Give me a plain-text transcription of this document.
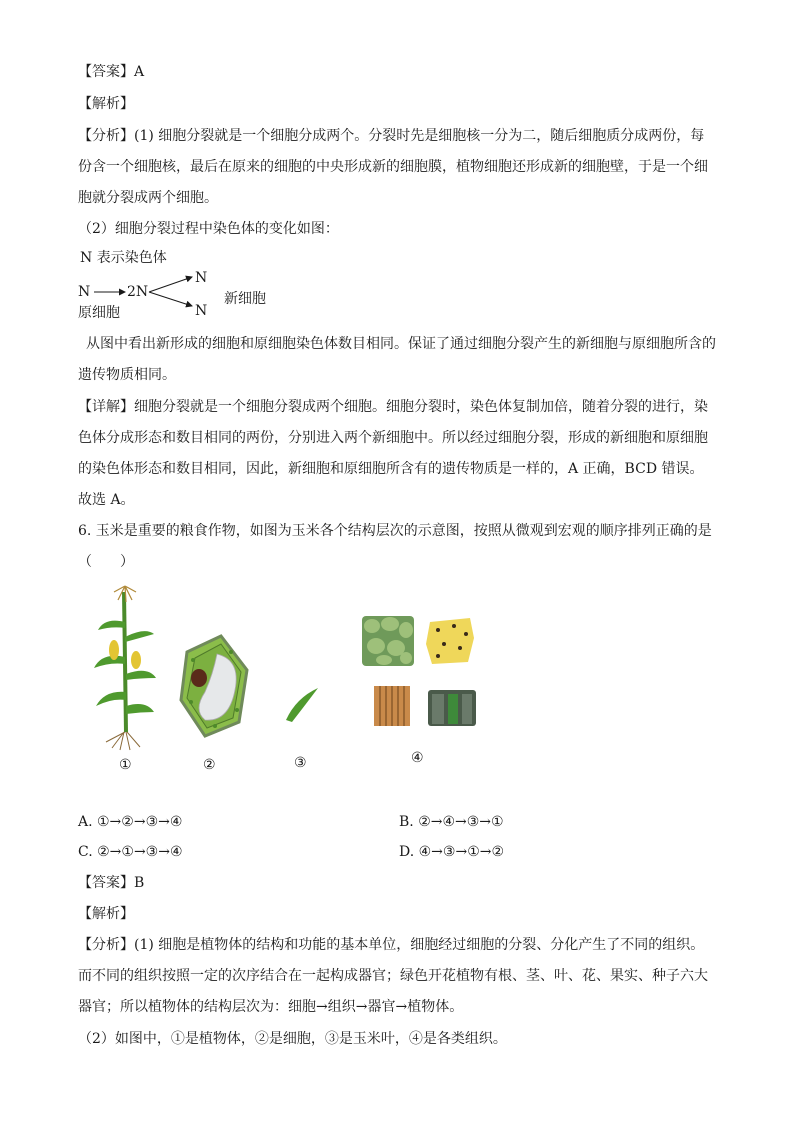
【答案】A
【解析】
【分析】(1) 细胞分裂就是一个细胞分成两个。分裂时先是细胞核一分为二，随后细胞质分成两份，每
份含一个细胞核，最后在原来的细胞的中央形成新的细胞膜，植物细胞还形成新的细胞壁，于是一个细
胞就分裂成两个细胞。
（2）细胞分裂过程中染色体的变化如图：
N 表示染色体
N	2N
N
N
原细胞
新细胞
从图中看出新形成的细胞和原细胞染色体数目相同。保证了通过细胞分裂产生的新细胞与原细胞所含的
遗传物质相同。
【详解】细胞分裂就是一个细胞分裂成两个细胞。细胞分裂时，染色体复制加倍，随着分裂的进行，染
色体分成形态和数目相同的两份，分别进入两个新细胞中。所以经过细胞分裂，形成的新细胞和原细胞
的染色体形态和数目相同，因此，新细胞和原细胞所含有的遗传物质是一样的，A 正确，BCD 错误。
故选 A。
6. 玉米是重要的粮食作物，如图为玉米各个结构层次的示意图，按照从微观到宏观的顺序排列正确的是
（　　）
①	②	③	④
A. ①→②→③→④	B. ②→④→③→①
C. ②→①→③→④	D. ④→③→①→②
【答案】B
【解析】
【分析】(1) 细胞是植物体的结构和功能的基本单位，细胞经过细胞的分裂、分化产生了不同的组织。
而不同的组织按照一定的次序结合在一起构成器官；绿色开花植物有根、茎、叶、花、果实、种子六大
器官；所以植物体的结构层次为：细胞→组织→器官→植物体。
（2）如图中，①是植物体，②是细胞，③是玉米叶，④是各类组织。
